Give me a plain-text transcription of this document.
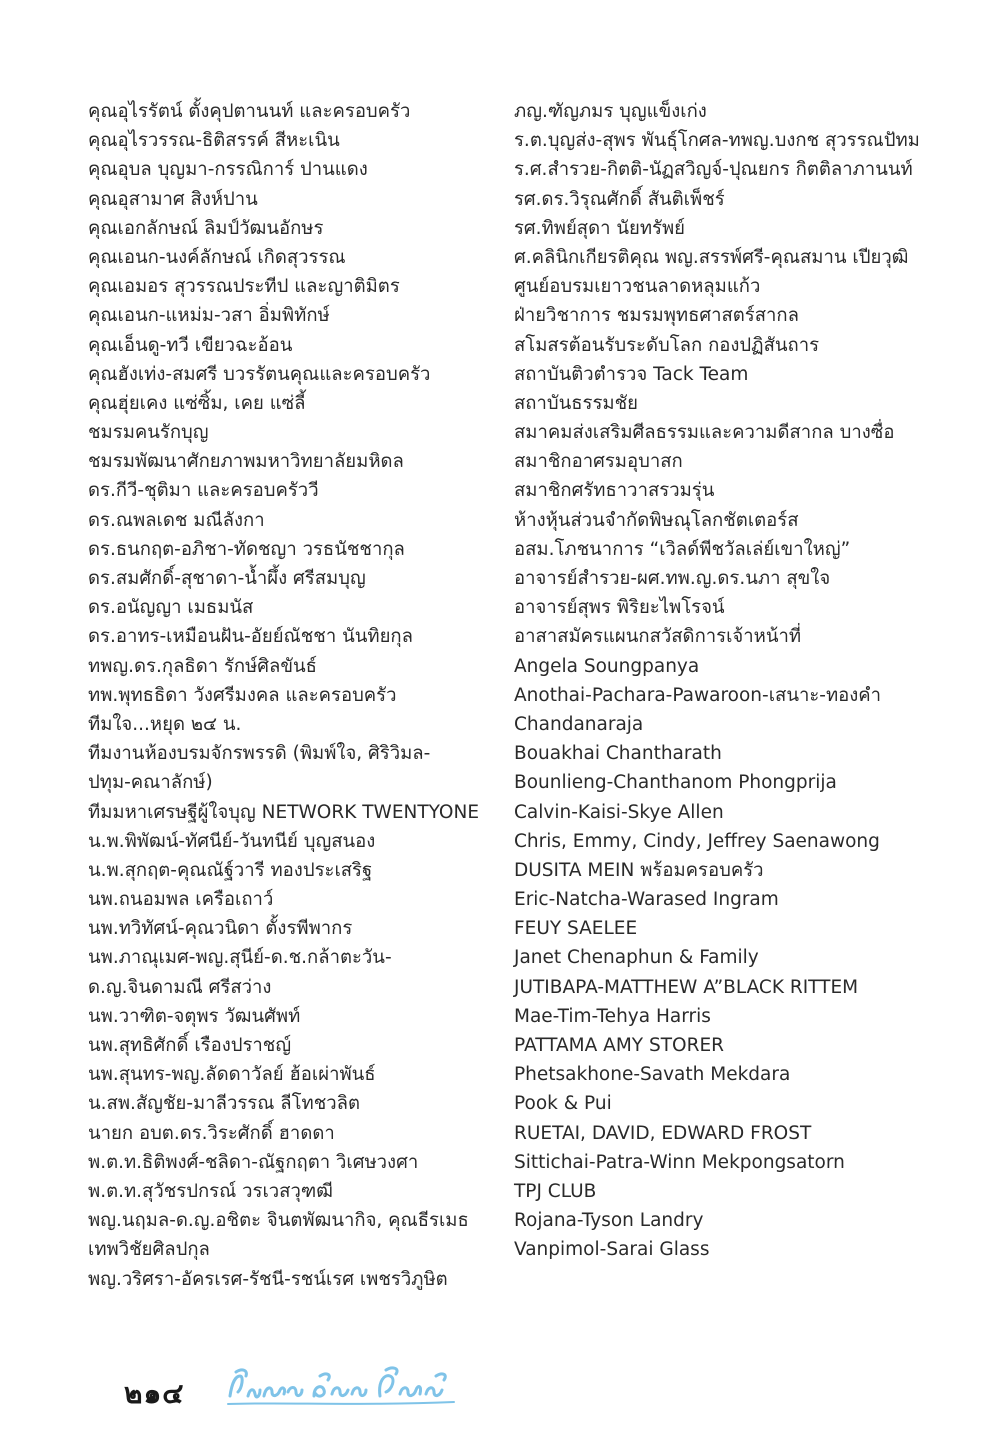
คุณอุไรรัตน์ ตั้งคุปตานนท์ และครอบครัว
คุณอุไรวรรณ-ธิติสรรค์ สีหะเนิน
คุณอุบล บุญมา-กรรณิการ์ ปานแดง
คุณอุสามาศ สิงห์ปาน
คุณเอกลักษณ์ ลิมป์วัฒนอักษร
คุณเอนก-นงค์ลักษณ์ เกิดสุวรรณ
คุณเอมอร สุวรรณประทีป และญาติมิตร
คุณเอนก-แหม่ม-วสา อิ่มพิทักษ์
คุณเอ็นดู-ทวี เขียวฉะอ้อน
คุณฮังเท่ง-สมศรี บวรรัตนคุณและครอบครัว
คุณฮุ่ยเคง แซ่ซิ้ม, เคย แซ่ลี้
ชมรมคนรักบุญ
ชมรมพัฒนาศักยภาพมหาวิทยาลัยมหิดล
ดร.กีวี-ชุติมา และครอบครัววี
ดร.ณพลเดช มณีลังกา
ดร.ธนกฤต-อภิชา-ทัดชญา วรธนัชชากุล
ดร.สมศักดิ์-สุชาดา-น้ำผึ้ง ศรีสมบุญ
ดร.อนัญญา เมธมนัส
ดร.อาทร-เหมือนฝัน-อัยย์ณัชชา นันทิยกุล
ทพญ.ดร.กุลธิดา รักษ์ศิลขันธ์
ทพ.พุทธธิดา วังศรีมงคล และครอบครัว
ทีมใจ...หยุด ๒๔ น.
ทีมงานห้องบรมจักรพรรดิ (พิมพ์ใจ, ศิริวิมล-
ปทุม-คณาลักษ์)
ทีมมหาเศรษฐีผู้ใจบุญ NETWORK TWENTYONE
น.พ.พิพัฒน์-ทัศนีย์-วันทนีย์ บุญสนอง
น.พ.สุกฤต-คุณณัฐ์วารี ทองประเสริฐ
นพ.ถนอมพล เครือเถาว์
นพ.ทวิทัศน์-คุณวนิดา ตั้งรพีพากร
นพ.ภาณุเมศ-พญ.สุนีย์-ด.ช.กล้าตะวัน-
ด.ญ.จินดามณี ศรีสว่าง
นพ.วาฑิต-จตุพร วัฒนศัพท์
นพ.สุทธิศักดิ์ เรืองปราชญ์
นพ.สุนทร-พญ.ลัดดาวัลย์ ฮ้อเผ่าพันธ์
น.สพ.สัญชัย-มาลีวรรณ ลีโทชวลิต
นายก อบต.ดร.วิระศักดิ์ ฮาดดา
พ.ต.ท.ธิติพงศ์-ชลิดา-ณัฐกฤตา วิเศษวงศา
พ.ต.ท.สุวัชรปกรณ์ วรเวสวุฑฒี
พญ.นฤมล-ด.ญ.อชิตะ จินตพัฒนากิจ, คุณธีรเมธ
เทพวิชัยศิลปกุล
พญ.วริศรา-อัครเรศ-รัชนี-รชน์เรศ เพชรวิภูษิต
ภญ.ฑัญภมร บุญแข็งเก่ง
ร.ต.บุญส่ง-สุพร พันธุ์โกศล-ทพญ.บงกช สุวรรณปัทม
ร.ศ.สำรวย-กิตติ-นัฏสวิญจ์-ปุณยกร กิตติลาภานนท์
รศ.ดร.วิรุณศักดิ์ สันติเพ็ชร์
รศ.ทิพย์สุดา นัยทรัพย์
ศ.คลินิกเกียรติคุณ พญ.สรรพ์ศรี-คุณสมาน เปียวุฒิ
ศูนย์อบรมเยาวชนลาดหลุมแก้ว
ฝ่ายวิชาการ ชมรมพุทธศาสตร์สากล
สโมสรต้อนรับระดับโลก กองปฏิสันถาร
สถาบันติวตำรวจ Tack Team
สถาบันธรรมชัย
สมาคมส่งเสริมศีลธรรมและความดีสากล บางซื่อ
สมาชิกอาศรมอุบาสก
สมาชิกศรัทธาวาสรวมรุ่น
ห้างหุ้นส่วนจำกัดพิษณุโลกชัตเตอร์ส
อสม.โภชนาการ “เวิลด์พีชวัลเล่ย์เขาใหญ่”
อาจารย์สำรวย-ผศ.ทพ.ญ.ดร.นภา สุขใจ
อาจารย์สุพร พิริยะไพโรจน์
อาสาสมัครแผนกสวัสดิการเจ้าหน้าที่
Angela Soungpanya
Anothai-Pachara-Pawaroon-เสนาะ-ทองคำ
Chandanaraja
Bouakhai Chantharath
Bounlieng-Chanthanom Phongprija
Calvin-Kaisi-Skye Allen
Chris, Emmy, Cindy, Jeffrey Saenawong
DUSITA MEIN พร้อมครอบครัว
Eric-Natcha-Warased Ingram
FEUY SAELEE
Janet Chenaphun & Family
JUTIBAPA-MATTHEW A”BLACK RITTEM
Mae-Tim-Tehya Harris
PATTAMA AMY STORER
Phetsakhone-Savath Mekdara
Pook & Pui
RUETAI, DAVID, EDWARD FROST
Sittichai-Patra-Winn Mekpongsatorn
TPJ CLUB
Rojana-Tyson Landry
Vanpimol-Sarai Glass
๒๑๔
